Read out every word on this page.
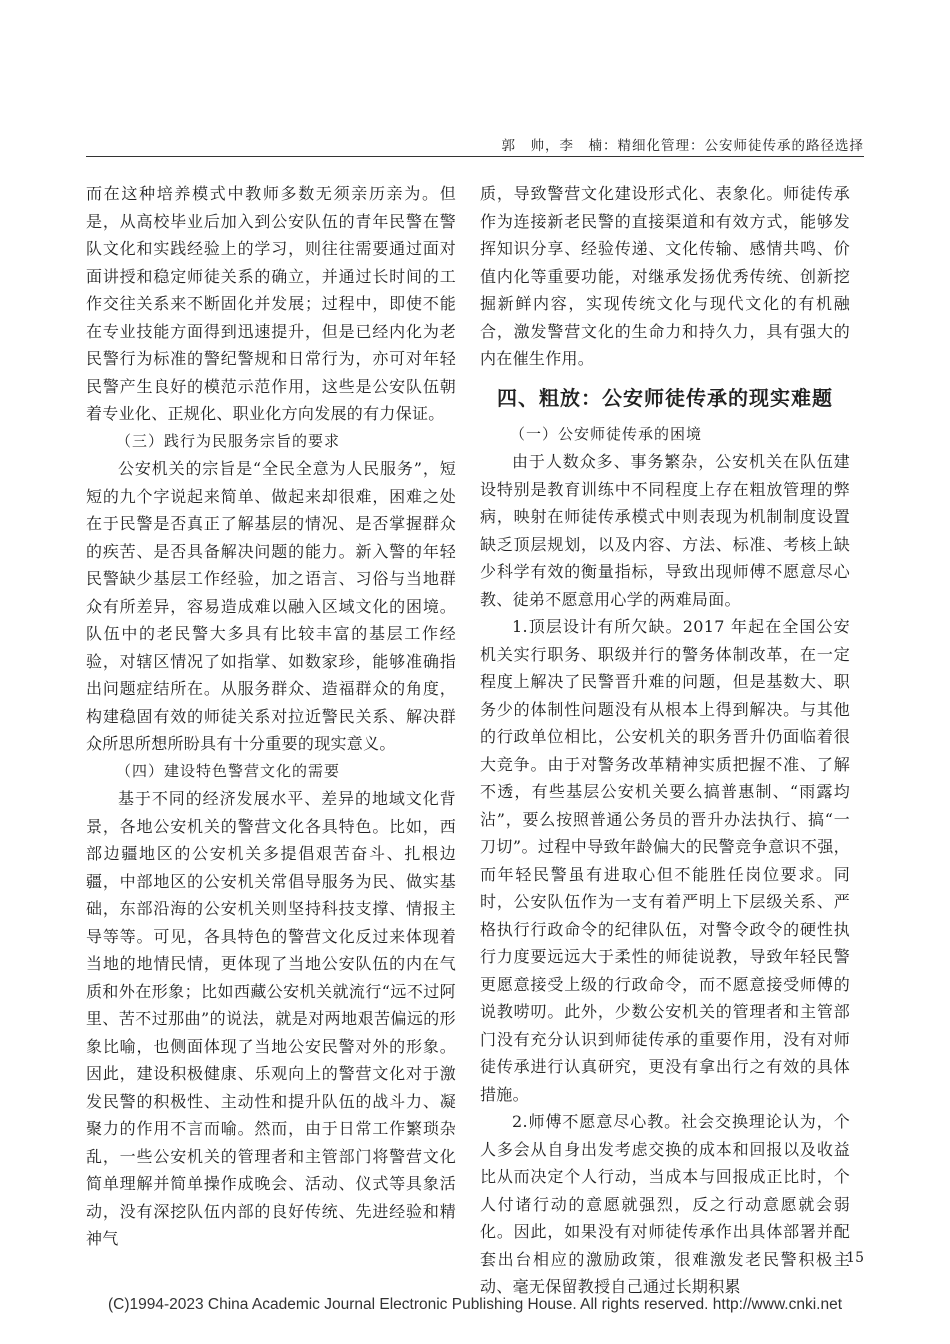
郭　帅，李　楠：精细化管理：公安师徒传承的路径选择

而在这种培养模式中教师多数无须亲历亲为。但是，从高校毕业后加入到公安队伍的青年民警在警队文化和实践经验上的学习，则往往需要通过面对面讲授和稳定师徒关系的确立，并通过长时间的工作交往关系来不断固化并发展；过程中，即使不能在专业技能方面得到迅速提升，但是已经内化为老民警行为标准的警纪警规和日常行为，亦可对年轻民警产生良好的模范示范作用，这些是公安队伍朝着专业化、正规化、职业化方向发展的有力保证。

（三）践行为民服务宗旨的要求

公安机关的宗旨是“全民全意为人民服务”，短短的九个字说起来简单、做起来却很难，困难之处在于民警是否真正了解基层的情况、是否掌握群众的疾苦、是否具备解决问题的能力。新入警的年轻民警缺少基层工作经验，加之语言、习俗与当地群众有所差异，容易造成难以融入区域文化的困境。队伍中的老民警大多具有比较丰富的基层工作经验，对辖区情况了如指掌、如数家珍，能够准确指出问题症结所在。从服务群众、造福群众的角度，构建稳固有效的师徒关系对拉近警民关系、解决群众所思所想所盼具有十分重要的现实意义。

（四）建设特色警营文化的需要

基于不同的经济发展水平、差异的地域文化背景，各地公安机关的警营文化各具特色。比如，西部边疆地区的公安机关多提倡艰苦奋斗、扎根边疆，中部地区的公安机关常倡导服务为民、做实基础，东部沿海的公安机关则坚持科技支撑、情报主导等等。可见，各具特色的警营文化反过来体现着当地的地情民情，更体现了当地公安队伍的内在气质和外在形象；比如西藏公安机关就流行“远不过阿里、苦不过那曲”的说法，就是对两地艰苦偏远的形象比喻，也侧面体现了当地公安民警对外的形象。因此，建设积极健康、乐观向上的警营文化对于激发民警的积极性、主动性和提升队伍的战斗力、凝聚力的作用不言而喻。然而，由于日常工作繁琐杂乱，一些公安机关的管理者和主管部门将警营文化简单理解并简单操作成晚会、活动、仪式等具象活动，没有深挖队伍内部的良好传统、先进经验和精神气

质，导致警营文化建设形式化、表象化。师徒传承作为连接新老民警的直接渠道和有效方式，能够发挥知识分享、经验传递、文化传输、感情共鸣、价值内化等重要功能，对继承发扬优秀传统、创新挖掘新鲜内容，实现传统文化与现代文化的有机融合，激发警营文化的生命力和持久力，具有强大的内在催生作用。

四、粗放：公安师徒传承的现实难题
（一）公安师徒传承的困境

由于人数众多、事务繁杂，公安机关在队伍建设特别是教育训练中不同程度上存在粗放管理的弊病，映射在师徒传承模式中则表现为机制制度设置缺乏顶层规划，以及内容、方法、标准、考核上缺少科学有效的衡量指标，导致出现师傅不愿意尽心教、徒弟不愿意用心学的两难局面。

1.顶层设计有所欠缺。2017 年起在全国公安机关实行职务、职级并行的警务体制改革，在一定程度上解决了民警晋升难的问题，但是基数大、职务少的体制性问题没有从根本上得到解决。与其他的行政单位相比，公安机关的职务晋升仍面临着很大竞争。由于对警务改革精神实质把握不准、了解不透，有些基层公安机关要么搞普惠制、“雨露均沾”，要么按照普通公务员的晋升办法执行、搞“一刀切”。过程中导致年龄偏大的民警竞争意识不强，而年轻民警虽有进取心但不能胜任岗位要求。同时，公安队伍作为一支有着严明上下层级关系、严格执行行政命令的纪律队伍，对警令政令的硬性执行力度要远远大于柔性的师徒说教，导致年轻民警更愿意接受上级的行政命令，而不愿意接受师傅的说教唠叨。此外，少数公安机关的管理者和主管部门没有充分认识到师徒传承的重要作用，没有对师徒传承进行认真研究，更没有拿出行之有效的具体措施。

2.师傅不愿意尽心教。社会交换理论认为，个人多会从自身出发考虑交换的成本和回报以及收益比从而决定个人行动，当成本与回报成正比时，个人付诸行动的意愿就强烈，反之行动意愿就会弱化。因此，如果没有对师徒传承作出具体部署并配套出台相应的激励政策，很难激发老民警积极主动、毫无保留教授自己通过长期积累

15
(C)1994-2023 China Academic Journal Electronic Publishing House. All rights reserved. http://www.cnki.net
